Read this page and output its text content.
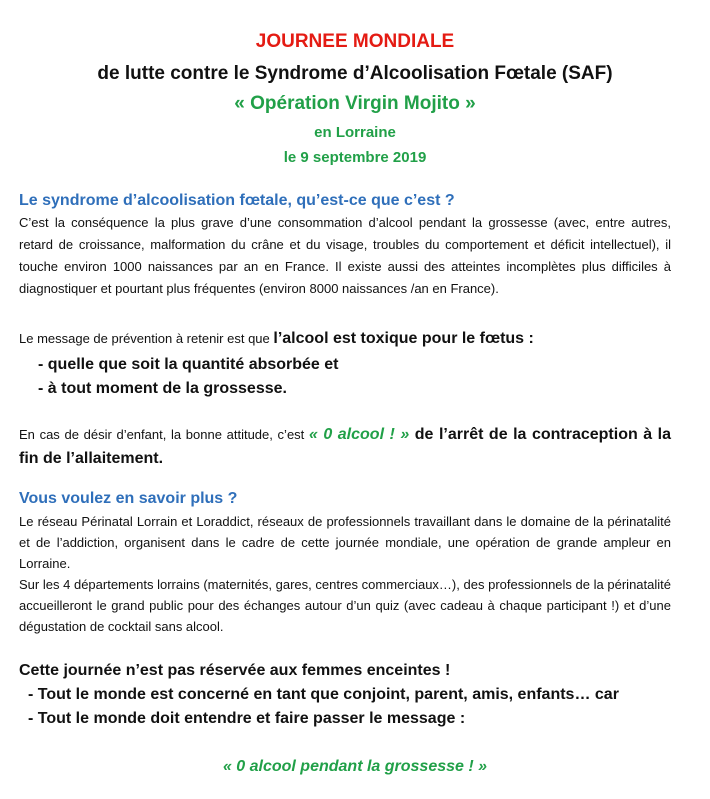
JOURNEE MONDIALE
de lutte contre le Syndrome d’Alcoolisation Fœtale (SAF)
« Opération Virgin Mojito »
en Lorraine
le 9 septembre 2019
Le syndrome d’alcoolisation fœtale, qu’est-ce que c’est ?
C’est la conséquence la plus grave d’une consommation d’alcool pendant la grossesse (avec, entre autres, retard de croissance, malformation du crâne et du visage, troubles du comportement et déficit intellectuel), il touche environ 1000 naissances par an en France. Il existe aussi des atteintes incomplètes plus difficiles à diagnostiquer et pourtant plus fréquentes (environ 8000 naissances /an en France).
Le message de prévention à retenir est que l’alcool est toxique pour le fœtus :
- quelle que soit la quantité absorbée et
- à tout moment de la grossesse.
En cas de désir d’enfant, la bonne attitude, c’est « 0 alcool ! » de l’arrêt de la contraception à la fin de l’allaitement.
Vous voulez en savoir plus ?
Le réseau Périnatal Lorrain et Loraddict, réseaux de professionnels travaillant dans le domaine de la périnatalité et de l’addiction, organisent dans le cadre de cette journée mondiale, une opération de grande ampleur en Lorraine.
Sur les 4 départements lorrains (maternités, gares, centres commerciaux…), des professionnels de la périnatalité accueilleront le grand public pour des échanges autour d’un quiz (avec cadeau à chaque participant !) et d’une dégustation de cocktail sans alcool.
Cette journée n’est pas réservée aux femmes enceintes !
- Tout le monde est concerné en tant que conjoint, parent, amis, enfants… car
- Tout le monde doit entendre et faire passer le message :
« 0 alcool pendant la grossesse ! »
